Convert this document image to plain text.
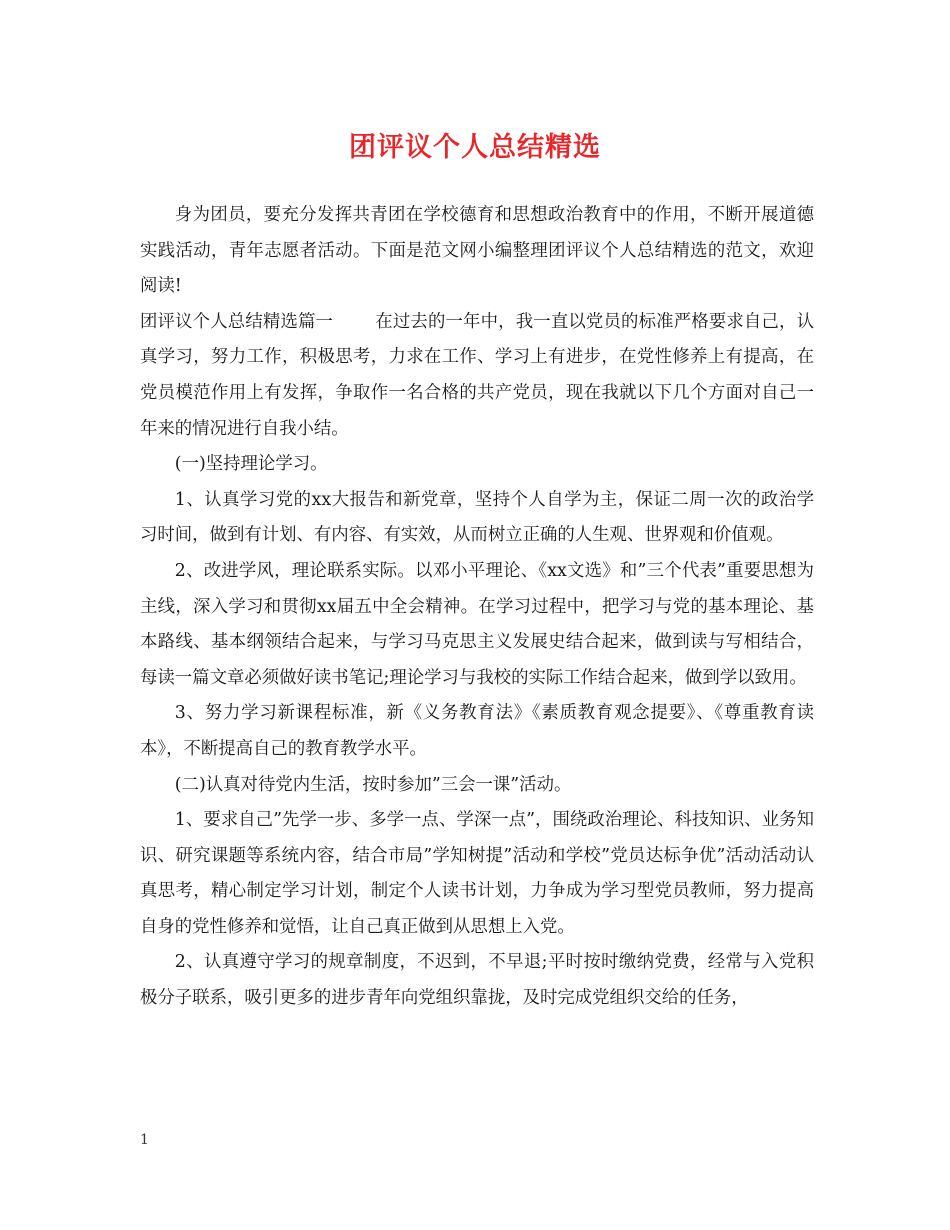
团评议个人总结精选

身为团员，要充分发挥共青团在学校德育和思想政治教育中的作用，不断开展道德实践活动，青年志愿者活动。下面是范文网小编整理团评议个人总结精选的范文，欢迎阅读!

团评议个人总结精选篇一 在过去的一年中，我一直以党员的标准严格要求自己，认真学习，努力工作，积极思考，力求在工作、学习上有进步，在党性修养上有提高，在党员模范作用上有发挥，争取作一名合格的共产党员，现在我就以下几个方面对自己一年来的情况进行自我小结。

(一)坚持理论学习。

1、认真学习党的xx大报告和新党章，坚持个人自学为主，保证二周一次的政治学习时间，做到有计划、有内容、有实效，从而树立正确的人生观、世界观和价值观。

2、改进学风，理论联系实际。以邓小平理论、《xx文选》和”三个代表”重要思想为主线，深入学习和贯彻xx届五中全会精神。在学习过程中，把学习与党的基本理论、基本路线、基本纲领结合起来，与学习马克思主义发展史结合起来，做到读与写相结合，每读一篇文章必须做好读书笔记;理论学习与我校的实际工作结合起来，做到学以致用。

3、努力学习新课程标准，新《义务教育法》《素质教育观念提要》、《尊重教育读本》，不断提高自己的教育教学水平。

(二)认真对待党内生活，按时参加”三会一课”活动。

1、要求自己”先学一步、多学一点、学深一点”，围绕政治理论、科技知识、业务知识、研究课题等系统内容，结合市局”学知树提”活动和学校”党员达标争优”活动活动认真思考，精心制定学习计划，制定个人读书计划，力争成为学习型党员教师，努力提高自身的党性修养和觉悟，让自己真正做到从思想上入党。

2、认真遵守学习的规章制度，不迟到，不早退;平时按时缴纳党费，经常与入党积极分子联系，吸引更多的进步青年向党组织靠拢，及时完成党组织交给的任务，

1
